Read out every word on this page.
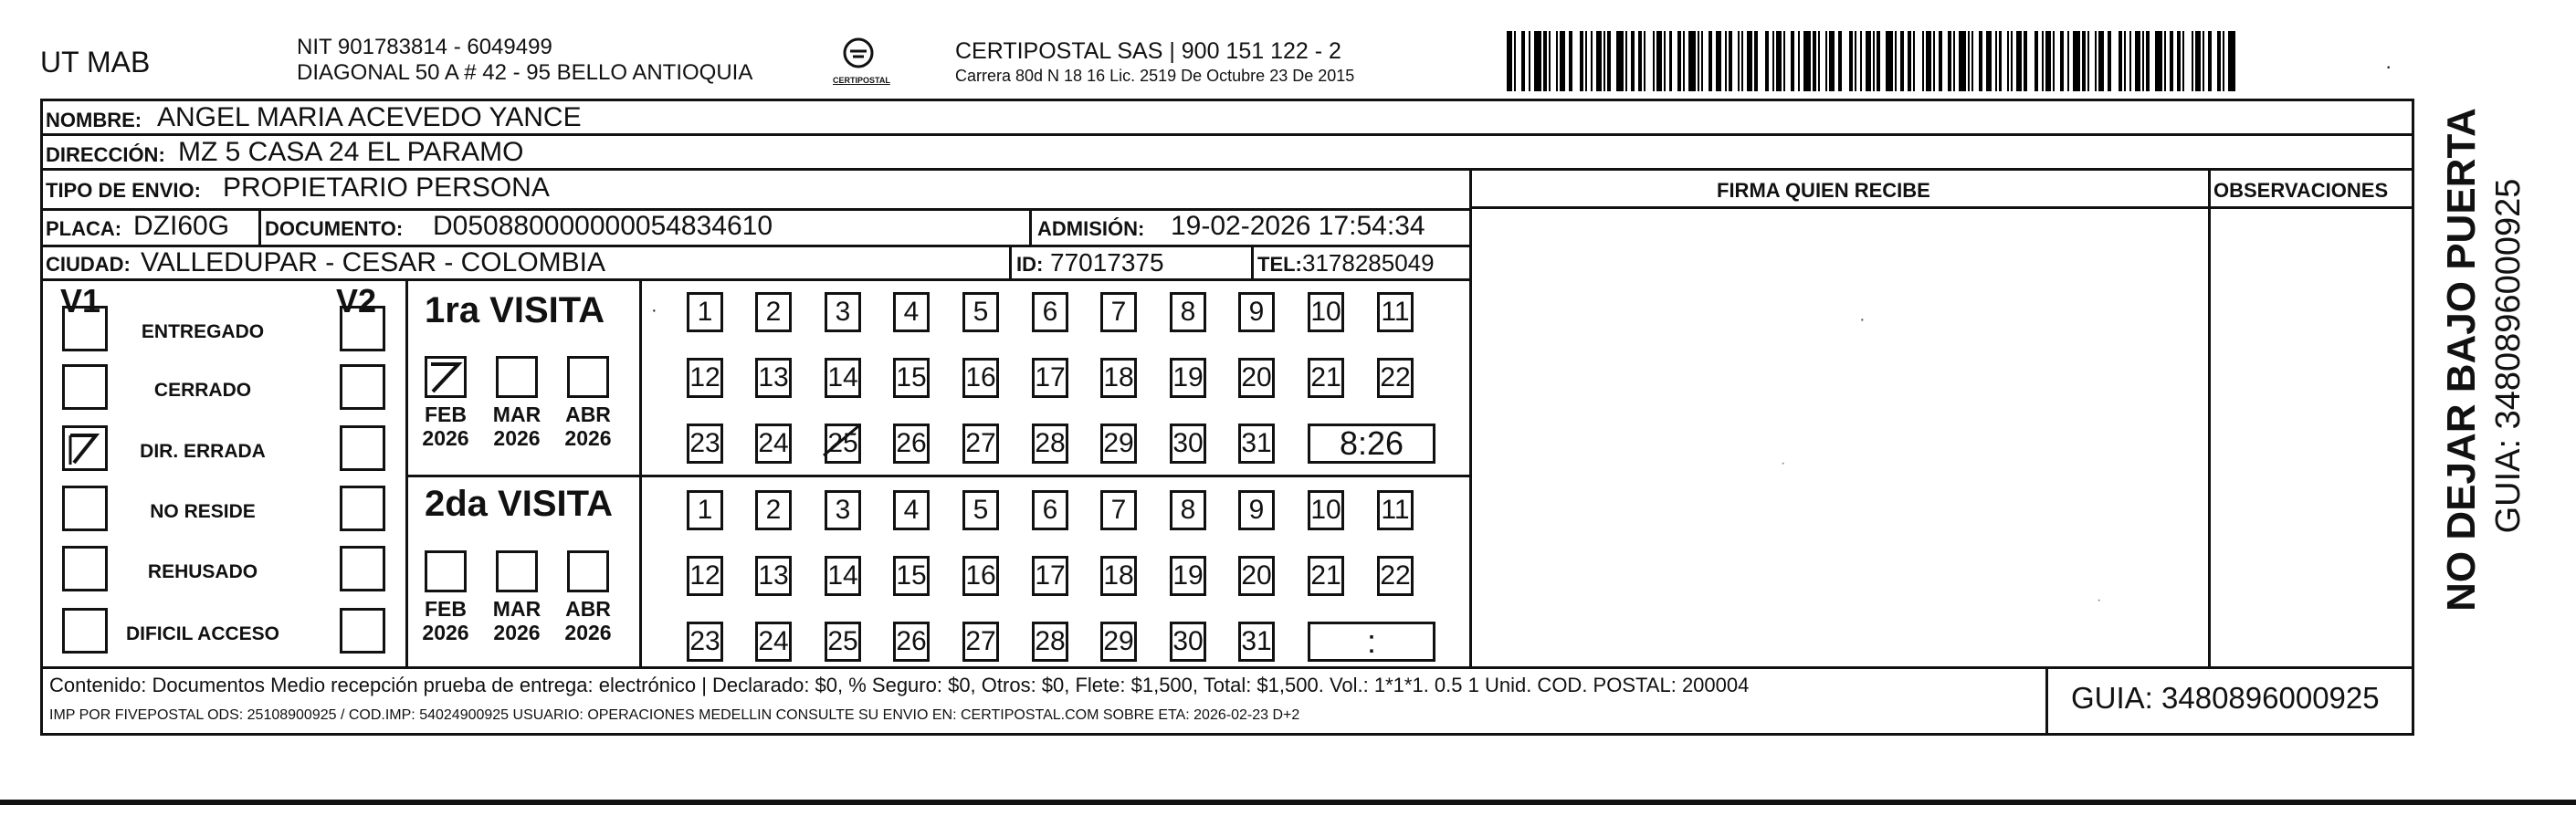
UT MAB	NIT 901783814 - 6049499
DIAGONAL 50 A # 42 - 95 BELLO ANTIOQUIA	CERTIPOSTAL
CERTIPOSTAL SAS | 900 151 122 - 2
Carrera 80d N 18 16 Lic. 2519 De Octubre 23 De 2015	·
NOMBRE: ANGEL MARIA ACEVEDO YANCE
DIRECCIÓN: MZ 5 CASA 24 EL PARAMO
TIPO DE ENVIO: PROPIETARIO PERSONA	FIRMA QUIEN RECIBE	OBSERVACIONES
PLACA: DZI60G DOCUMENTO: D050880000000054834610	ADMISIÓN: 19-02-2026 17:54:34
CIUDAD: VALLEDUPAR - CESAR - COLOMBIA	ID: 77017375	TEL: 3178285049
V1	V2
ENTREGADO
CERRADO
DIR. ERRADA
NO RESIDE
REHUSADO
DIFICIL ACCESO
1ra VISITA
FEB
2026
MAR
2026
ABR
2026
1	2	3	4	5	6	7	8	9	10 11
12 13 14 15 16 17 18 19 20 21 22
23 24 25 26 27 28 29 30 31	8:26
·
2da VISITA
FEB
2026
MAR
2026
ABR
2026
1	2	3	4	5	6	7	8	9	10 11
12 13 14 15 16 17 18 19 20 21 22
23 24 25 26 27 28 29 30 31	:
·
·
·
Contenido: Documentos Medio recepción prueba de entrega: electrónico | Declarado: $0, % Seguro: $0, Otros: $0, Flete: $1,500, Total: $1,500. Vol.: 1*1*1. 0.5 1 Unid. COD. POSTAL: 200004
IMP POR FIVEPOSTAL ODS: 25108900925 / COD.IMP: 54024900925 USUARIO: OPERACIONES MEDELLIN CONSULTE SU ENVIO EN: CERTIPOSTAL.COM SOBRE ETA: 2026-02-23 D+2
GUIA: 3480896000925
NO DEJAR BAJO PUERTA GUIA: 3480896000925
